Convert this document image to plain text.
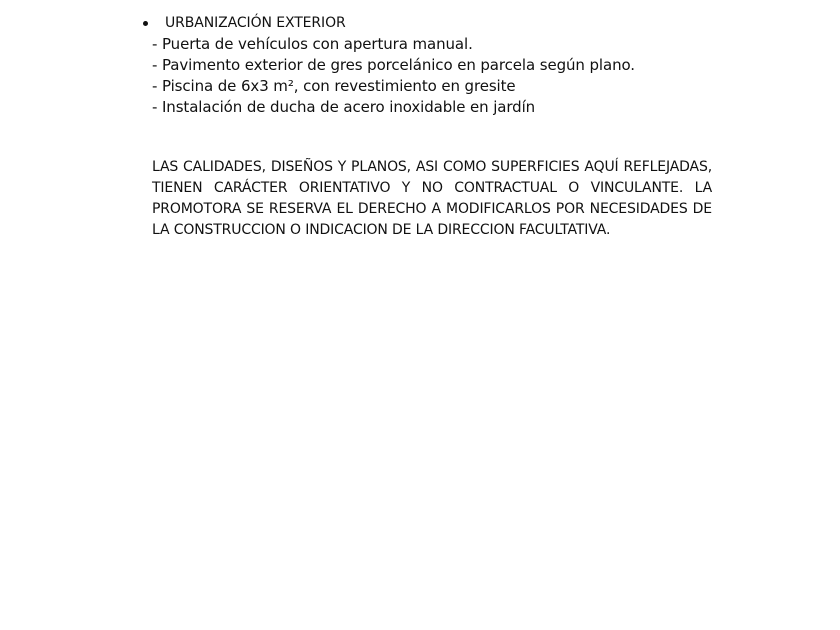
URBANIZACIÓN EXTERIOR
- Puerta de vehículos con apertura manual.
- Pavimento exterior de gres porcelánico en parcela según plano.
- Piscina de 6x3 m², con revestimiento en gresite
- Instalación de ducha de acero inoxidable en jardín

LAS CALIDADES, DISEÑOS Y PLANOS, ASI COMO SUPERFICIES AQUÍ REFLEJADAS, TIENEN CARÁCTER ORIENTATIVO Y NO CONTRACTUAL O VINCULANTE. LA PROMOTORA SE RESERVA EL DERECHO A MODIFICARLOS POR NECESIDADES DE LA CONSTRUCCION O INDICACION DE LA DIRECCION FACULTATIVA.
